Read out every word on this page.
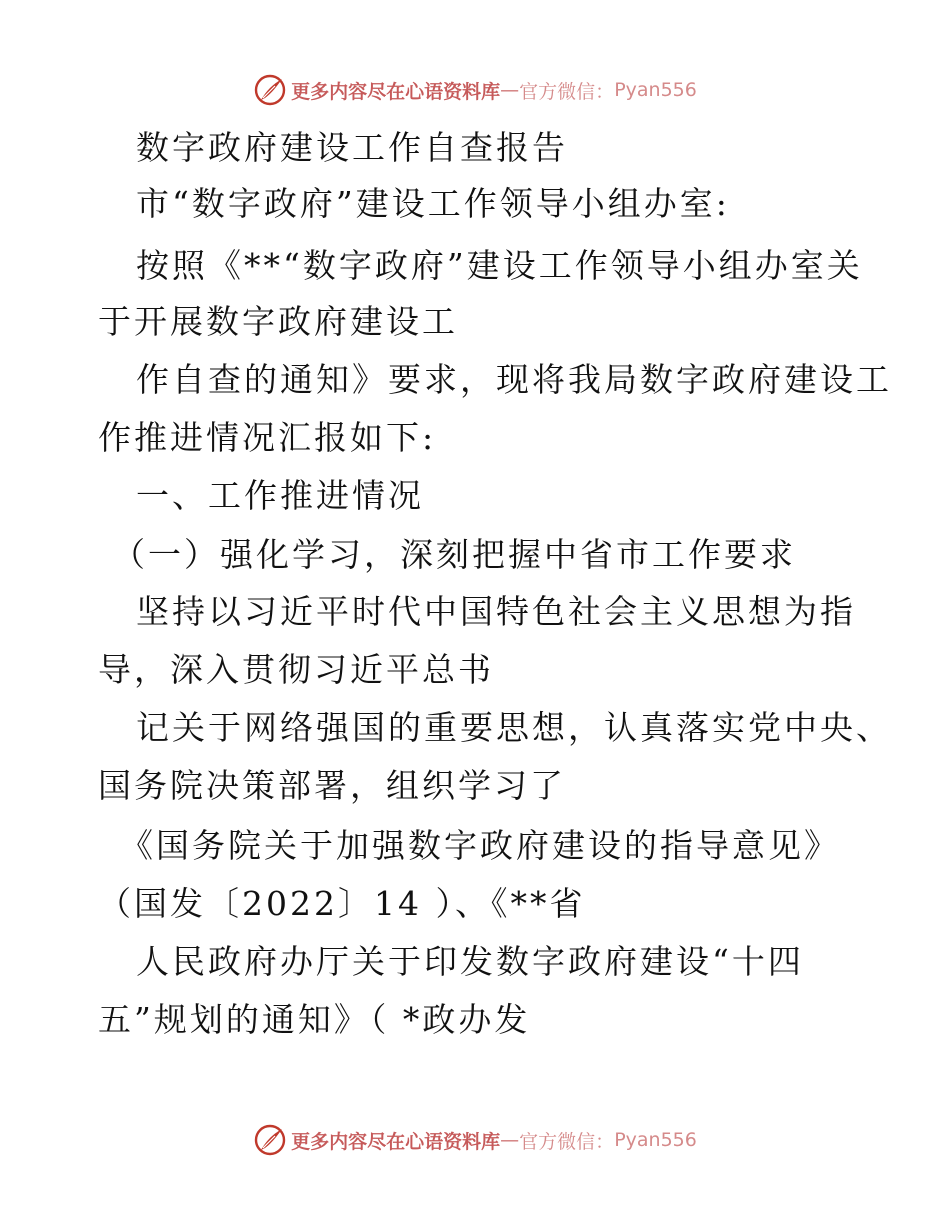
更多内容尽在心语资料库 — 官方微信： Pyan556
数字政府建设工作自查报告
市“数字政府”建设工作领导小组办室:
按照《**“数字政府”建设工作领导小组办室关
于开展数字政府建设工
作自查的通知》要求，现将我局数字政府建设工
作推进情况汇报如下:
一、工作推进情况
（一）强化学习，深刻把握中省市工作要求
坚持以习近平时代中国特色社会主义思想为指
导，深入贯彻习近平总书
记关于网络强国的重要思想，认真落实党中央、
国务院决策部署，组织学习了
《国务院关于加强数字政府建设的指导意见》
（国发〔2022〕14 ）、《**省
人民政府办厅关于印发数字政府建设“十四
五”规划的通知》（ *政办发
更多内容尽在心语资料库 — 官方微信： Pyan556
